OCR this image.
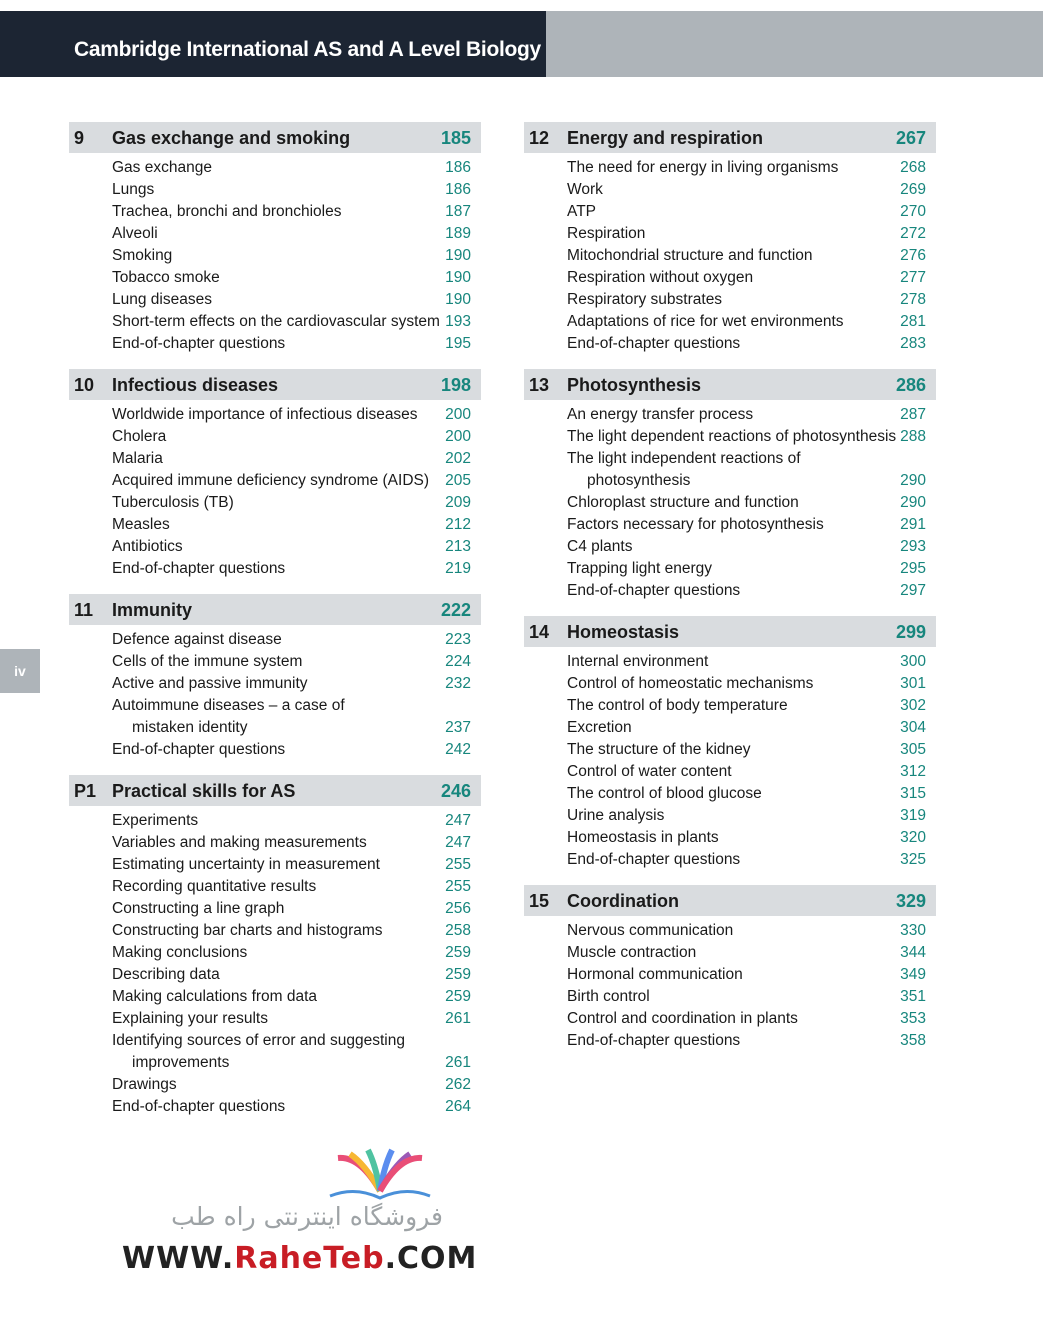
Cambridge International AS and A Level Biology
iv
9 Gas exchange and smoking	185
Gas exchange	186
Lungs	186
Trachea, bronchi and bronchioles	187
Alveoli	189
Smoking	190
Tobacco smoke	190
Lung diseases	190
Short-term effects on the cardiovascular system 193
End-of-chapter questions	195
10 Infectious diseases	198
Worldwide importance of infectious diseases 200
Cholera	200
Malaria	202
Acquired immune deficiency syndrome (AIDS) 205
Tuberculosis (TB)	209
Measles	212
Antibiotics	213
End-of-chapter questions	219
11 Immunity	222
Defence against disease	223
Cells of the immune system	224
Active and passive immunity	232
Autoimmune diseases – a case of
mistaken identity	237
End-of-chapter questions	242
P1 Practical skills for AS	246
Experiments	247
Variables and making measurements	247
Estimating uncertainty in measurement	255
Recording quantitative results	255
Constructing a line graph	256
Constructing bar charts and histograms	258
Making conclusions	259
Describing data	259
Making calculations from data	259
Explaining your results	261
Identifying sources of error and suggesting
improvements	261
Drawings	262
End-of-chapter questions	264
12 Energy and respiration	267
The need for energy in living organisms	268
Work	269
ATP	270
Respiration	272
Mitochondrial structure and function	276
Respiration without oxygen	277
Respiratory substrates	278
Adaptations of rice for wet environments	281
End-of-chapter questions	283
13 Photosynthesis	286
An energy transfer process	287
The light dependent reactions of photosynthesis 288
The light independent reactions of
photosynthesis	290
Chloroplast structure and function	290
Factors necessary for photosynthesis	291
C4 plants	293
Trapping light energy	295
End-of-chapter questions	297
14 Homeostasis	299
Internal environment	300
Control of homeostatic mechanisms	301
The control of body temperature	302
Excretion	304
The structure of the kidney	305
Control of water content	312
The control of blood glucose	315
Urine analysis	319
Homeostasis in plants	320
End-of-chapter questions	325
15 Coordination	329
Nervous communication	330
Muscle contraction	344
Hormonal communication	349
Birth control	351
Control and coordination in plants	353
End-of-chapter questions	358
فروشگاه اینترنتی راه طب
WWW.RaheTeb.COM
